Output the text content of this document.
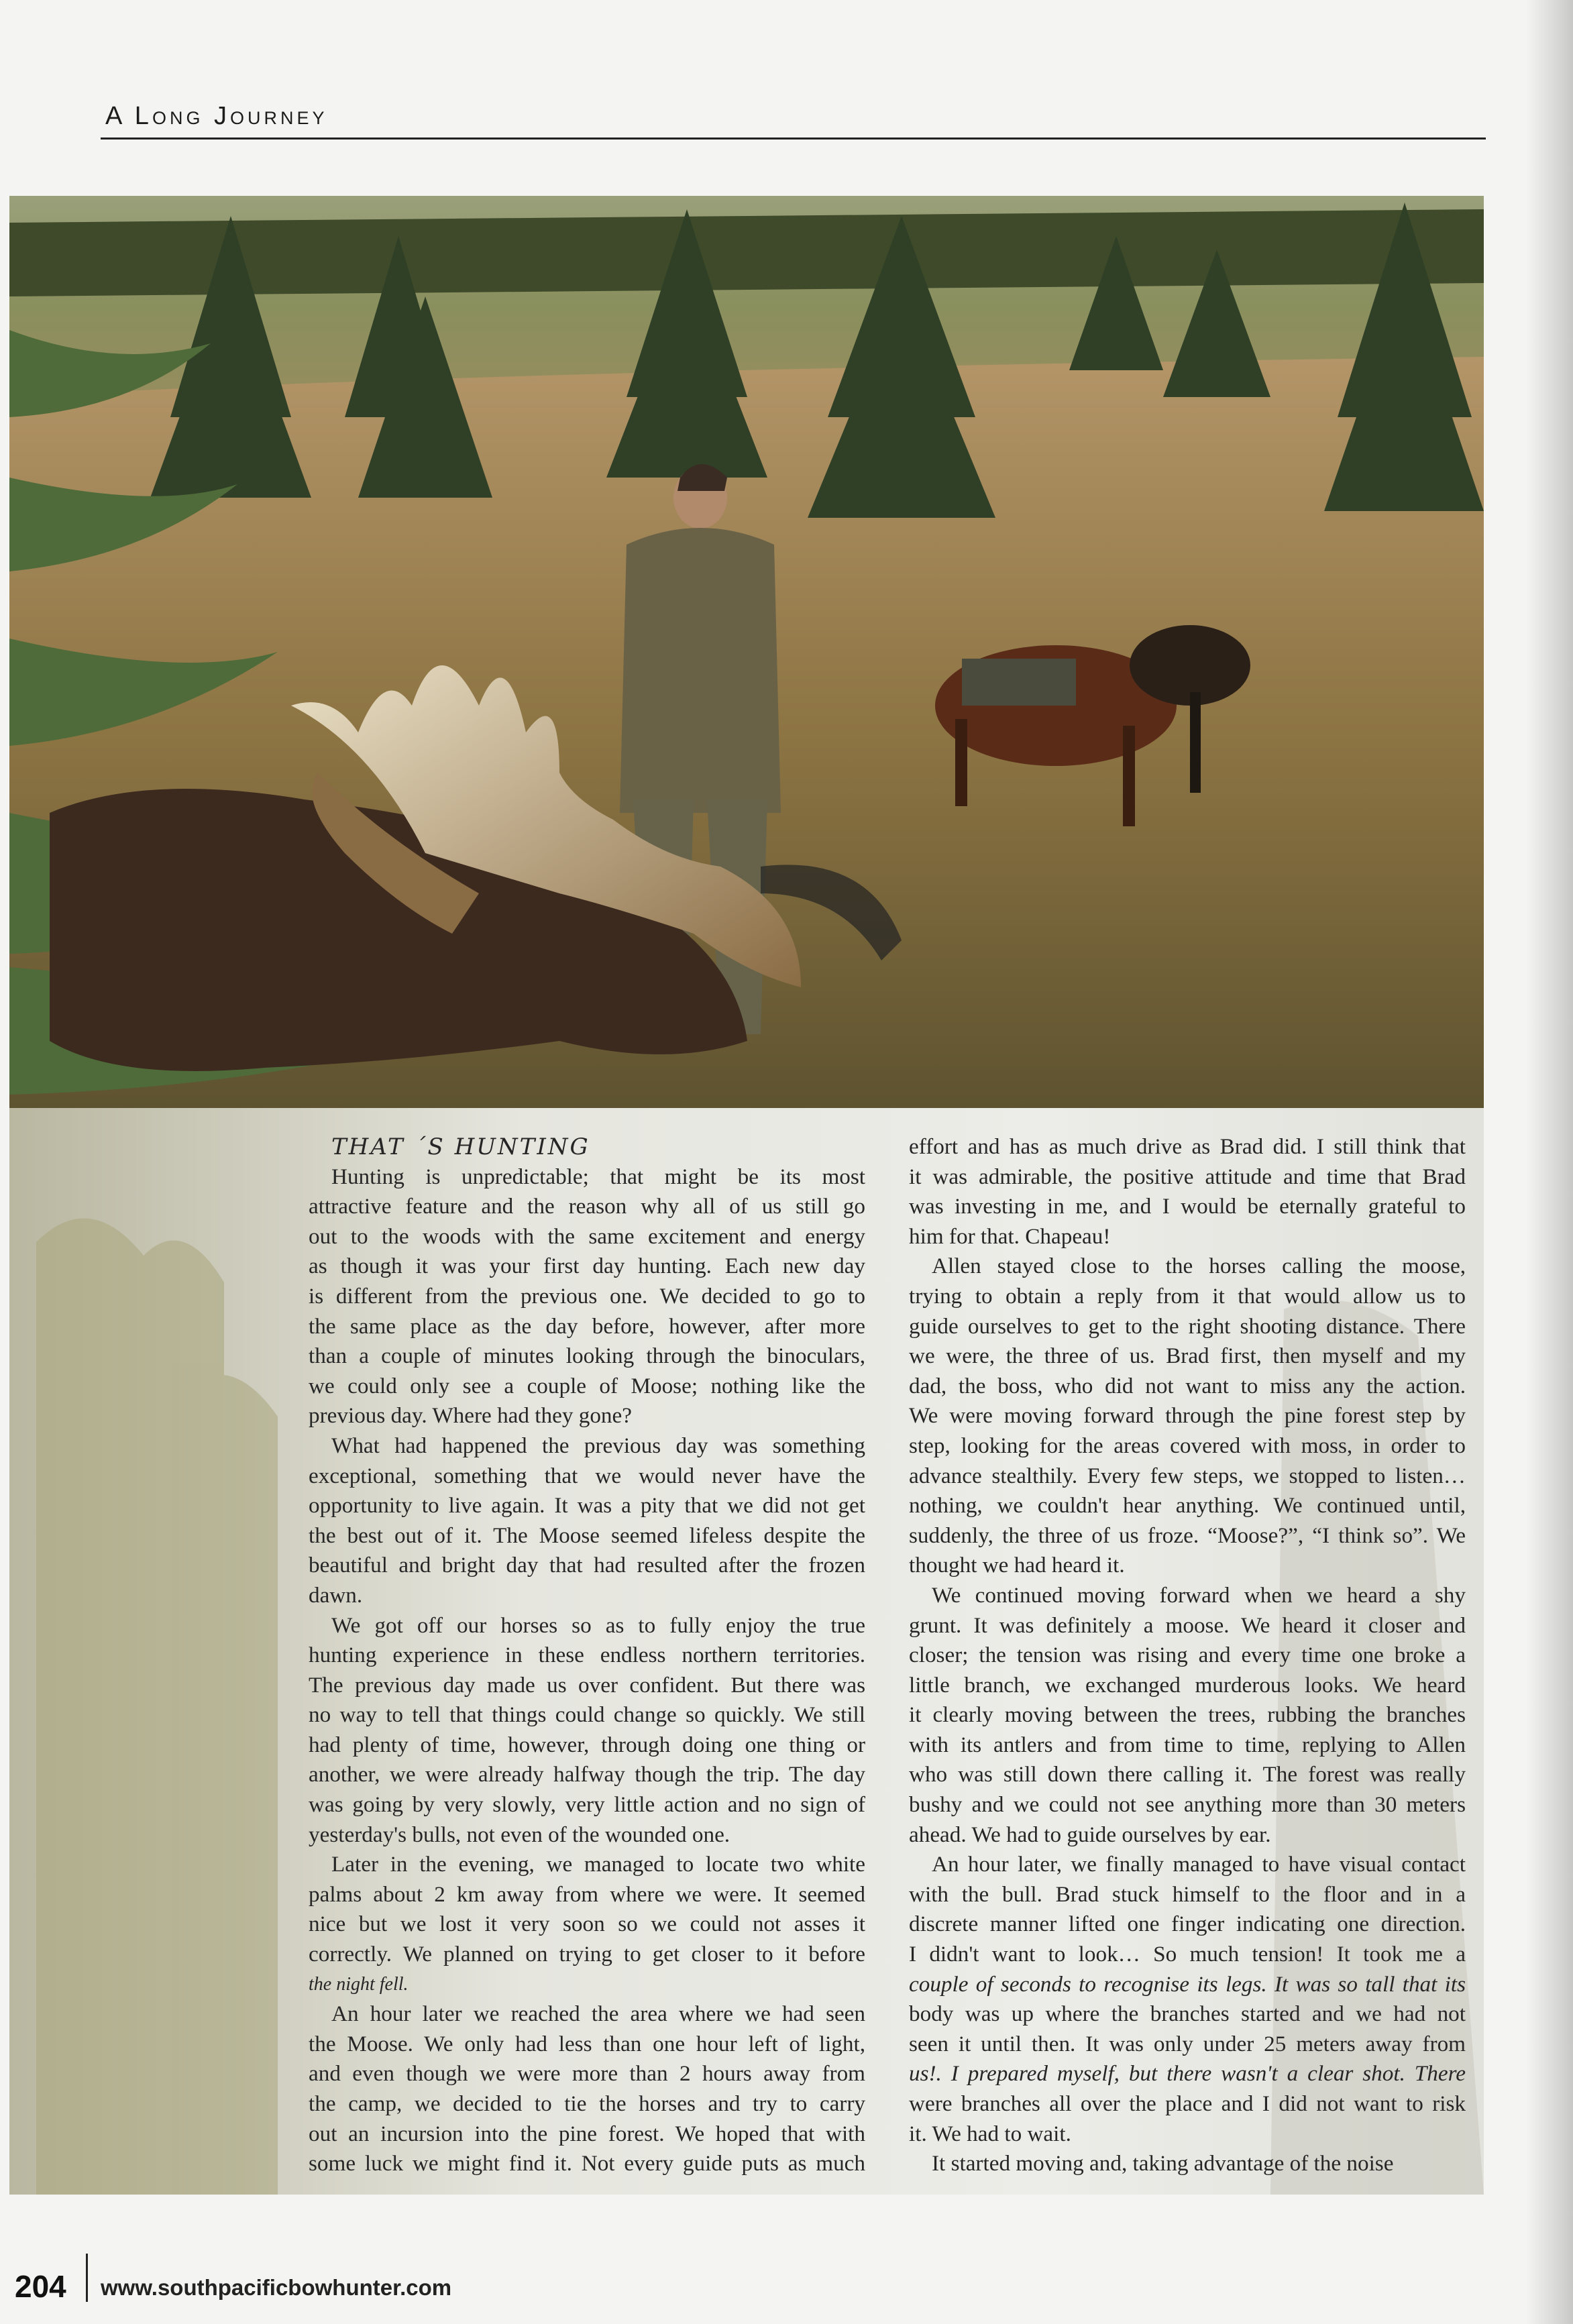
A Long Journey
THAT ´S HUNTING
Hunting is unpredictable; that might be its most
attractive feature and the reason why all of us still go
out to the woods with the same excitement and energy
as though it was your first day hunting. Each new day
is different from the previous one. We decided to go to
the same place as the day before, however, after more
than a couple of minutes looking through the binoculars,
we could only see a couple of Moose; nothing like the
previous day. Where had they gone?
What had happened the previous day was something
exceptional, something that we would never have the
opportunity to live again. It was a pity that we did not get
the best out of it. The Moose seemed lifeless despite the
beautiful and bright day that had resulted after the frozen
dawn.
We got off our horses so as to fully enjoy the true
hunting experience in these endless northern territories.
The previous day made us over confident. But there was
no way to tell that things could change so quickly. We still
had plenty of time, however, through doing one thing or
another, we were already halfway though the trip. The day
was going by very slowly, very little action and no sign of
yesterday's bulls, not even of the wounded one.
Later in the evening, we managed to locate two white
palms about 2 km away from where we were. It seemed
nice but we lost it very soon so we could not asses it
correctly. We planned on trying to get closer to it before
the night fell.
An hour later we reached the area where we had seen
the Moose. We only had less than one hour left of light,
and even though we were more than 2 hours away from
the camp, we decided to tie the horses and try to carry
out an incursion into the pine forest. We hoped that with
some luck we might find it. Not every guide puts as much
effort and has as much drive as Brad did. I still think that
it was admirable, the positive attitude and time that Brad
was investing in me, and I would be eternally grateful to
him for that. Chapeau!
Allen stayed close to the horses calling the moose,
trying to obtain a reply from it that would allow us to
guide ourselves to get to the right shooting distance. There
we were, the three of us. Brad first, then myself and my
dad, the boss, who did not want to miss any the action.
We were moving forward through the pine forest step by
step, looking for the areas covered with moss, in order to
advance stealthily. Every few steps, we stopped to listen…
nothing, we couldn't hear anything. We continued until,
suddenly, the three of us froze. “Moose?”, “I think so”. We
thought we had heard it.
We continued moving forward when we heard a shy
grunt. It was definitely a moose. We heard it closer and
closer; the tension was rising and every time one broke a
little branch, we exchanged murderous looks. We heard
it clearly moving between the trees, rubbing the branches
with its antlers and from time to time, replying to Allen
who was still down there calling it. The forest was really
bushy and we could not see anything more than 30 meters
ahead. We had to guide ourselves by ear.
An hour later, we finally managed to have visual contact
with the bull. Brad stuck himself to the floor and in a
discrete manner lifted one finger indicating one direction.
I didn't want to look… So much tension! It took me a
couple of seconds to recognise its legs. It was so tall that its
body was up where the branches started and we had not
seen it until then. It was only under 25 meters away from
us!. I prepared myself, but there wasn't a clear shot. There
were branches all over the place and I did not want to risk
it. We had to wait.
It started moving and, taking advantage of the noise
204 www.southpacificbowhunter.com
